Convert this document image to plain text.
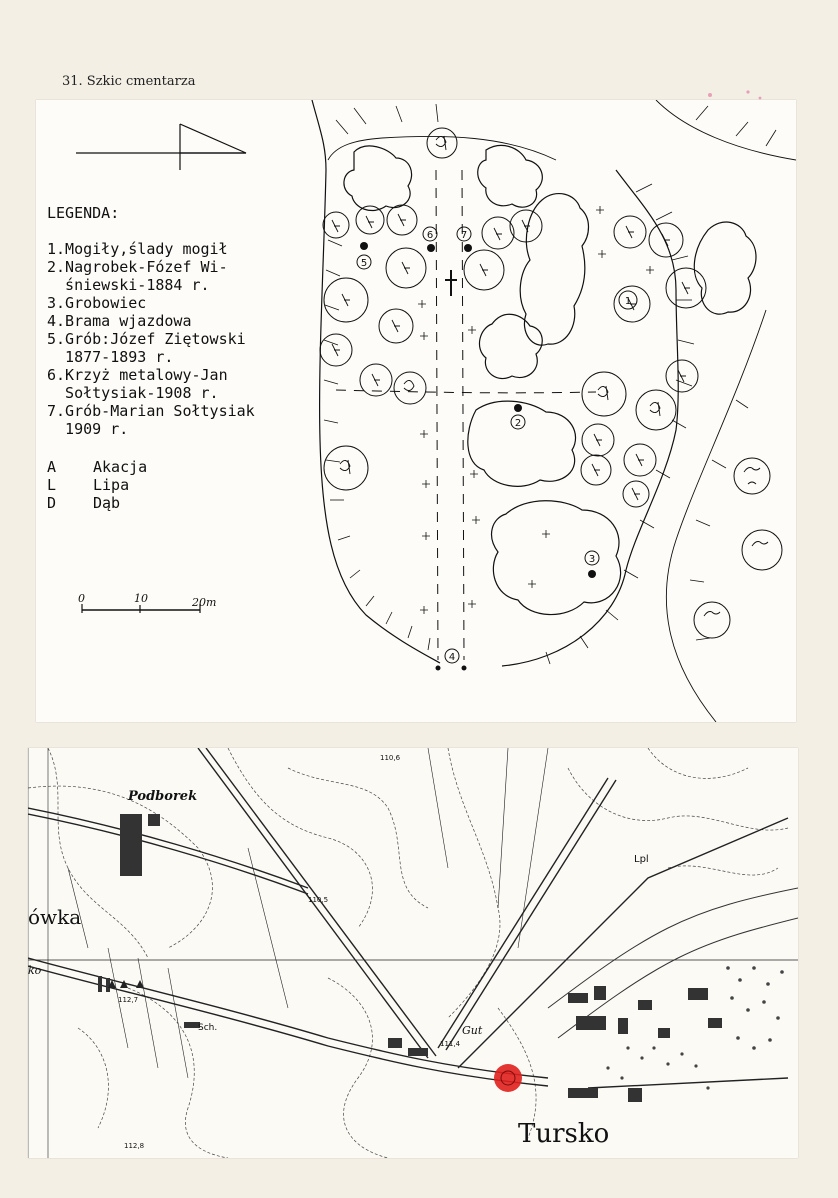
31. Szkic cmentarza
1
2
3
4
5
6	7
0	10	20m
LEGENDA:
1.Mogiły,ślady mogił
2.Nagrobek-Fózef Wi-
śniewski-1884 r.
3.Grobowiec
4.Brama wjazdowa
5.Grób:Józef Ziętowski
1877-1893 r.
6.Krzyż metalowy-Jan
Sołtysiak-1908 r.
7.Grób-Marian Sołtysiak
1909 r.
A	Akacja
L	Lipa
D	Dąb
Podborek
ówka
ko
Tursko
Gut
Sch.
Lpl
110,6
110,5
112,7
111,4
112,8
